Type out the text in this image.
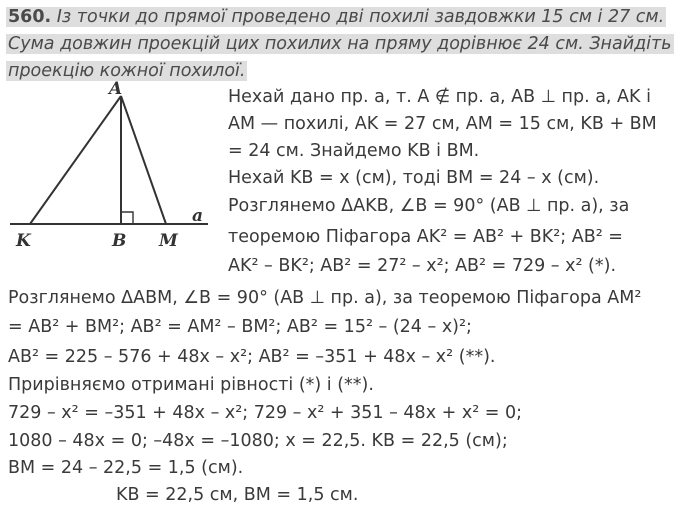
560. Із точки до прямої проведено дві похилі завдовжки 15 см і 27 см. Сума довжин проекцій цих похилих на пряму дорівнює 24 см. Знайдіть проекцію кожної похилої.
A
K	B M
a
Нехай дано пр. a, т. A ∉ пр. a, AB ⊥ пр. a, AK і
AM — похилі, AK = 27 см, AM = 15 см, KB + BM
= 24 см. Знайдемо KB і BM.
Нехай KB = x (см), тоді BM = 24 – x (см).
Розглянемо ΔAKB, ∠B = 90° (AB ⊥ пр. a), за
теоремою Піфагора AK² = AB² + BK²; AB² =
AK² – BK²; AB² = 27² – x²; AB² = 729 – x² (*).
Розглянемо ΔABM, ∠B = 90° (AB ⊥ пр. a), за теоремою Піфагора AM²
= AB² + BM²; AB² = AM² – BM²; AB² = 15² – (24 – x)²;
AB² = 225 – 576 + 48x – x²; AB² = –351 + 48x – x² (**).
Прирівняємо отримані рівності (*) і (**).
729 – x² = –351 + 48x – x²; 729 – x² + 351 – 48x + x² = 0;
1080 – 48x = 0; –48x = –1080; x = 22,5. KB = 22,5 (см);
BM = 24 – 22,5 = 1,5 (см).
KB = 22,5 см, BM = 1,5 см.
